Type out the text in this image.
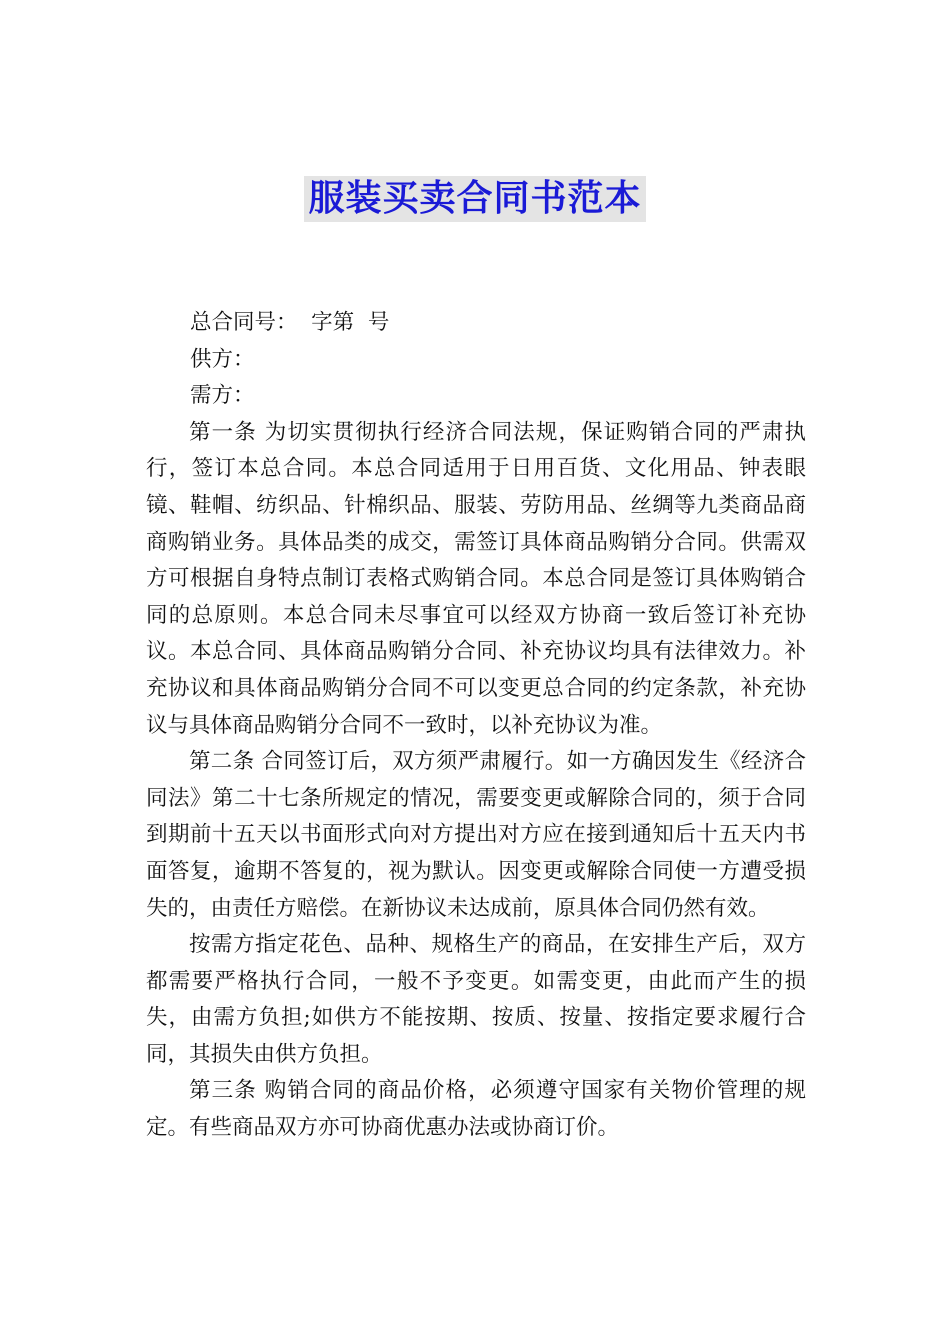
服装买卖合同书范本

总合同号：  字第  号

供方：

需方：

第一条 为切实贯彻执行经济合同法规，保证购销合同的严肃执行，签订本总合同。本总合同适用于日用百货、文化用品、钟表眼镜、鞋帽、纺织品、针棉织品、服装、劳防用品、丝绸等九类商品商商购销业务。具体品类的成交，需签订具体商品购销分合同。供需双方可根据自身特点制订表格式购销合同。本总合同是签订具体购销合同的总原则。本总合同未尽事宜可以经双方协商一致后签订补充协议。本总合同、具体商品购销分合同、补充协议均具有法律效力。补充协议和具体商品购销分合同不可以变更总合同的约定条款，补充协议与具体商品购销分合同不一致时，以补充协议为准。

第二条 合同签订后，双方须严肃履行。如一方确因发生《经济合同法》第二十七条所规定的情况，需要变更或解除合同的，须于合同到期前十五天以书面形式向对方提出对方应在接到通知后十五天内书面答复，逾期不答复的，视为默认。因变更或解除合同使一方遭受损失的，由责任方赔偿。在新协议未达成前，原具体合同仍然有效。

按需方指定花色、品种、规格生产的商品，在安排生产后，双方都需要严格执行合同，一般不予变更。如需变更，由此而产生的损失，由需方负担;如供方不能按期、按质、按量、按指定要求履行合同，其损失由供方负担。

第三条 购销合同的商品价格，必须遵守国家有关物价管理的规定。有些商品双方亦可协商优惠办法或协商订价。
